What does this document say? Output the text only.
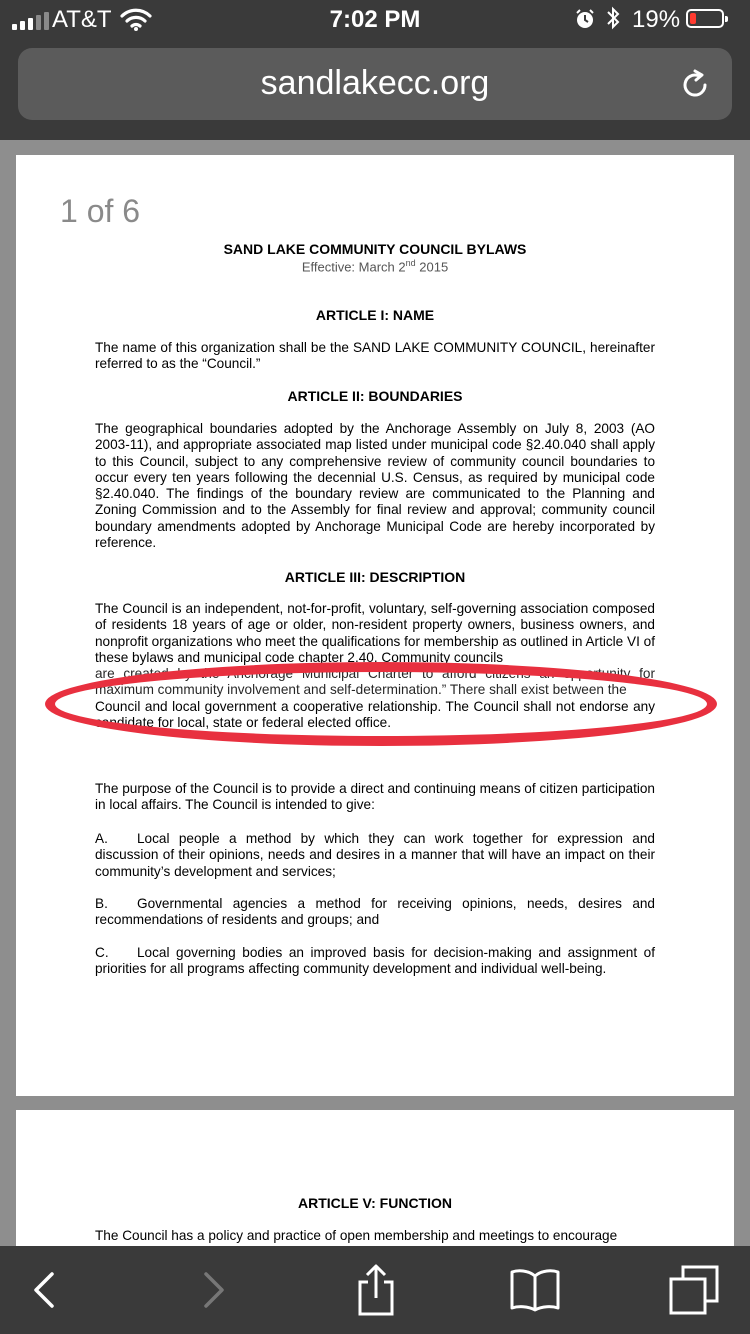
AT&T	7:02 PM	19%
sandlakecc.org
1 of 6
SAND LAKE COMMUNITY COUNCIL BYLAWS
Effective: March 2nd 2015
ARTICLE I: NAME
The name of this organization shall be the SAND LAKE COMMUNITY COUNCIL, hereinafter referred to as the “Council.”
ARTICLE II: BOUNDARIES
The geographical boundaries adopted by the Anchorage Assembly on July 8, 2003 (AO 2003-11), and appropriate associated map listed under municipal code §2.40.040 shall apply to this Council, subject to any comprehensive review of community council boundaries to occur every ten years following the decennial U.S. Census, as required by municipal code §2.40.040. The findings of the boundary review are communicated to the Planning and Zoning Commission and to the Assembly for final review and approval; community council boundary amendments adopted by Anchorage Municipal Code are hereby incorporated by reference.
ARTICLE III: DESCRIPTION
The Council is an independent, not-for-profit, voluntary, self-governing association composed of residents 18 years of age or older, non-resident property owners, business owners, and nonprofit organizations who meet the qualifications for membership as outlined in Article VI of these bylaws and municipal code chapter 2.40. Community councils
are created by the Anchorage Municipal Charter to afford citizens an opportunity for maximum community involvement and self-determination.” There shall exist between the
Council and local government a cooperative relationship. The Council shall not endorse any candidate for local, state or federal elected office.
The purpose of the Council is to provide a direct and continuing means of citizen participation in local affairs. The Council is intended to give:
A. Local people a method by which they can work together for expression and discussion of their opinions, needs and desires in a manner that will have an impact on their community’s development and services;
B. Governmental agencies a method for receiving opinions, needs, desires and recommendations of residents and groups; and
C. Local governing bodies an improved basis for decision-making and assignment of priorities for all programs affecting community development and individual well-being.
ARTICLE V: FUNCTION
The Council has a policy and practice of open membership and meetings to encourage
